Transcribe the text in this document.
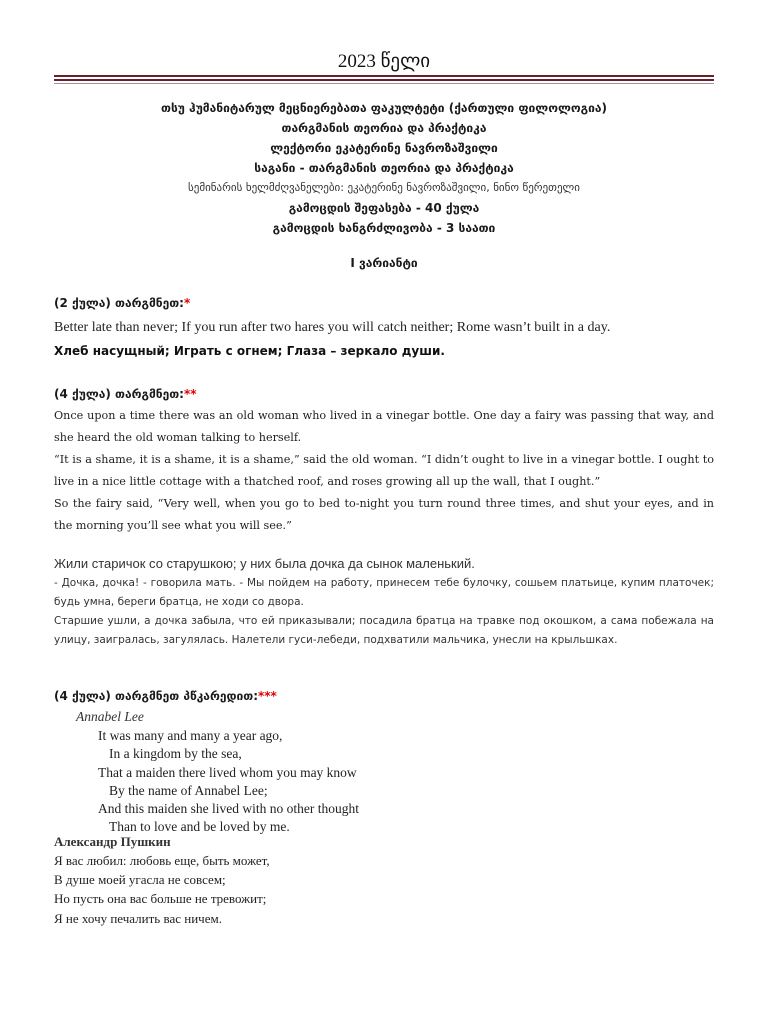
2023 წელი
თსუ ჰუმანიტარულ მეცნიერებათა ფაკულტეტი (ქართული ფილოლოგია)
თარგმანის თეორია და პრაქტიკა
ლექტორი ეკატერინე ნავროზაშვილი
საგანი - თარგმანის თეორია და პრაქტიკა
სემინარის ხელმძღვანელები: ეკატერინე ნავროზაშვილი, ნინო წერეთელი
გამოცდის შეფასება - 40 ქულა
გამოცდის ხანგრძლივობა - 3 საათი
I ვარიანტი
(2 ქულა) თარგმნეთ:*
Better late than never; If you run after two hares you will catch neither; Rome wasn’t built in a day.
Хлеб насущный; Играть с огнем; Глаза – зеркало души.
(4 ქულა) თარგმნეთ:**

Once upon a time there was an old woman who lived in a vinegar bottle. One day a fairy was passing that way, and she heard the old woman talking to herself.

“It is a shame, it is a shame, it is a shame,” said the old woman. “I didn’t ought to live in a vinegar bottle. I ought to live in a nice little cottage with a thatched roof, and roses growing all up the wall, that I ought.”

So the fairy said, “Very well, when you go to bed to-night you turn round three times, and shut your eyes, and in the morning you’ll see what you will see.”

Жили старичок со старушкою; у них была дочка да сынок маленький.

- Дочка, дочка! - говорила мать. - Мы пойдем на работу, принесем тебе булочку, сошьем платьице, купим платочек; будь умна, береги братца, не ходи со двора.

Старшие ушли, а дочка забыла, что ей приказывали; посадила братца на травке под окошком, а сама побежала на улицу, заигралась, загулялась. Налетели гуси-лебеди, подхватили мальчика, унесли на крыльшках.

(4 ქულა) თარგმნეთ პწკარედით:***
Annabel Lee
It was many and many a year ago,
In a kingdom by the sea,
That a maiden there lived whom you may know
By the name of Annabel Lee;
And this maiden she lived with no other thought
Than to love and be loved by me.
Александр Пушкин
Я вас любил: любовь еще, быть может,
В душе моей угасла не совсем;
Но пусть она вас больше не тревожит;
Я не хочу печалить вас ничем.
